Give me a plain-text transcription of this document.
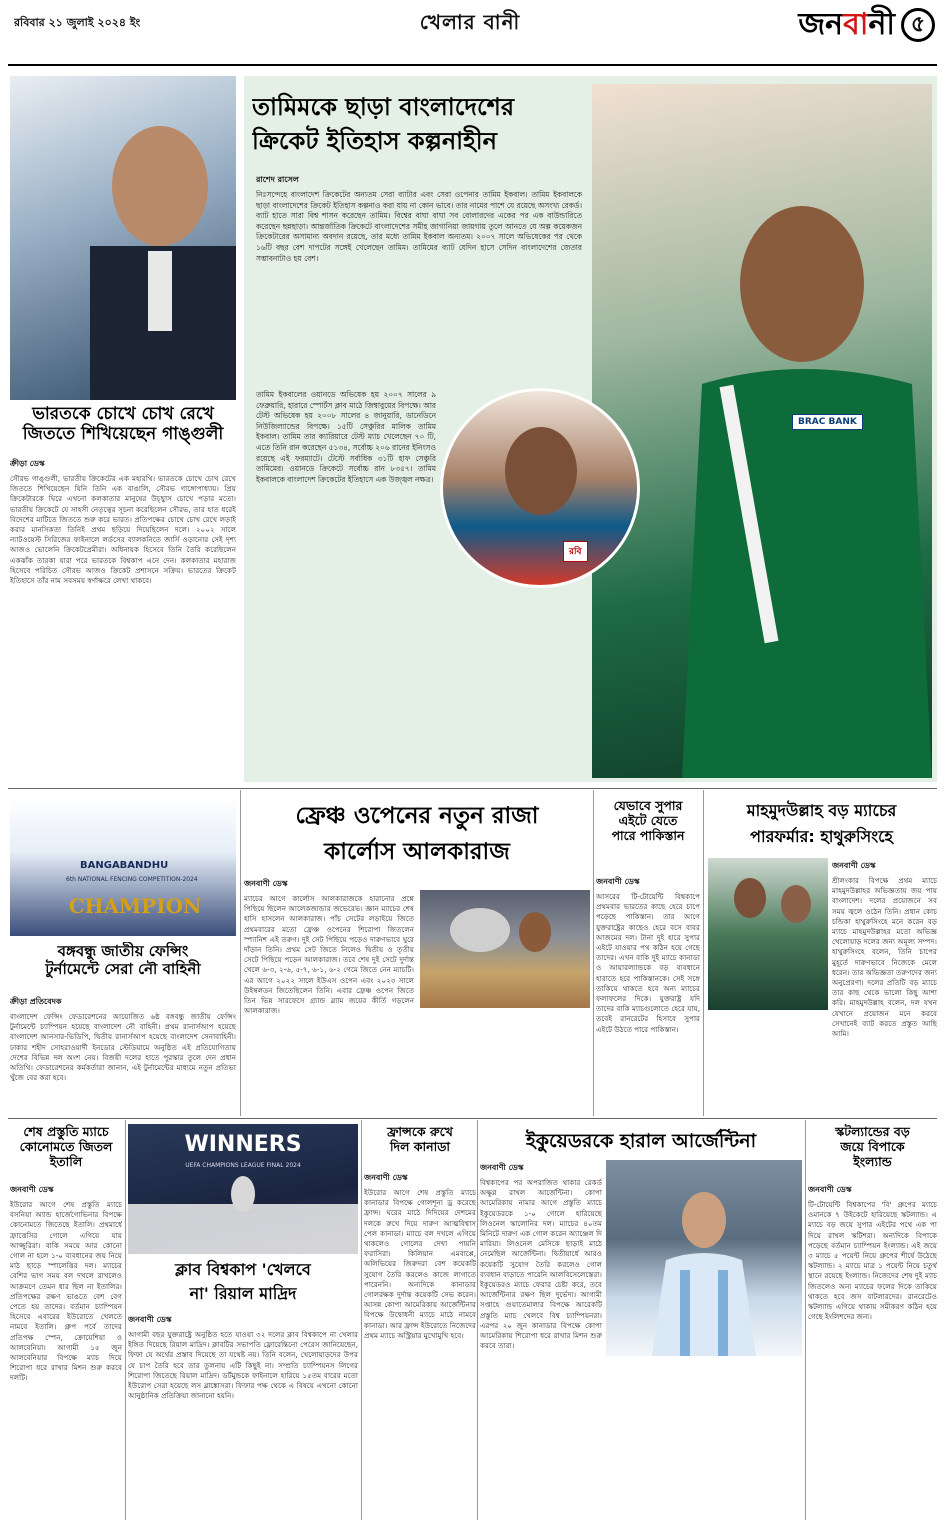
রবিবার ২১ জুলাই ২০২৪ ইং	খেলার বানী	জনবানী ৫
ভারতকে চোখে চোখ রেখে
জিততে শিখিয়েছেন গাঙ্গুলী
ক্রীড়া ডেস্ক
সৌরভ গাঙ্গুলী, ভারতীয় ক্রিকেটের এক মহারথি। ভারতকে চোখে চোখ রেখে জিততে শিখিয়েছেন যিনি তিনি এক বাঙালি, সৌরভ গাঙ্গোপাধ্যায়। প্রিয় ক্রিকেটারকে ঘিরে এখনো কলকাতার মানুষের উচ্ছ্বাস চোখে পড়ার মতো। ভারতীয় ক্রিকেটে যে সাহসী নেতৃত্বের সূচনা করেছিলেন সৌরভ, তার হাত ধরেই বিদেশের মাটিতে জিততে শুরু করে ভারত। প্রতিপক্ষের চোখে চোখ রেখে লড়াই করার মানসিকতা তিনিই প্রথম ছড়িয়ে দিয়েছিলেন দলে। ২০০২ সালে ন্যাটওয়েস্ট সিরিজের ফাইনালে লর্ডসের ব্যালকনিতে জার্সি ওড়ানোর সেই দৃশ্য আজও ভোলেনি ক্রিকেটপ্রেমীরা। অধিনায়ক হিসেবে তিনি তৈরি করেছিলেন একঝাঁক তারকা যারা পরে ভারতকে বিশ্বকাপ এনে দেন। কলকাতার মহারাজ হিসেবে পরিচিত সৌরভ আজও ক্রিকেট প্রশাসনে সক্রিয়। ভারতের ক্রিকেট ইতিহাসে তাঁর নাম সবসময় স্বর্ণাক্ষরে লেখা থাকবে।
তামিমকে ছাড়া বাংলাদেশের
ক্রিকেট ইতিহাস কল্পনাহীন
BRAC BANK
রবি
রাশেদ রাসেল
নিঃসন্দেহে বাংলাদেশ ক্রিকেটের অন্যতম সেরা ব্যাটার এবং সেরা ওপেনার তামিম ইকবাল। তামিম ইকবালকে ছাড়া বাংলাদেশের ক্রিকেট ইতিহাস কল্পনাও করা যায় না কোন ভাবে। তার নামের পাশে যে রয়েছে অসংখ্য রেকর্ড। ব্যাট হাতে সারা বিশ্ব শাসন করেছেন তামিম। বিশ্বের বাঘা বাঘা সব বোলারদের একের পর এক বাউন্ডারিতে করেছেন ছন্নছাড়া। আন্তর্জাতিক ক্রিকেটে বাংলাদেশের সমীহ জাগানিয়া জায়গায় তুলে আনতে যে অল্প কয়েকজন ক্রিকেটারের অসামান্য অবদান রয়েছে, তার মধ্যে তামিম ইকবাল অন্যতম। ২০০৭ সালে অভিষেকের পর থেকে ১৬টি বছর বেশ দাপটের সঙ্গেই খেলেছেন তামিম। তামিমের ব্যাট যেদিন হাসে সেদিন বাংলাদেশের জেতার সম্ভাবনাটাও হয় বেশ।
তামিম ইকবালের ওয়ানডে অভিষেক হয় ২০০৭ সালের ৯ ফেব্রুয়ারি, হারারে স্পোর্টস ক্লাব মাঠে জিম্বাবুয়ের বিপক্ষে। আর টেস্ট অভিষেক হয় ২০০৮ সালের ৪ জানুয়ারি, ডানেডিনে নিউজিল্যান্ডের বিপক্ষে। ১৫টি সেঞ্চুরির মালিক তামিম ইকবাল। তামিম তার ক্যারিয়ারে টেস্ট ম্যাচ খেলেছেন ৭০ টি, এতে তিনি রান করেছেন ৫১৩৪, সর্বোচ্চ ২০৬ রানের ইনিংসও রয়েছে এই ফরম্যাটে। টেস্টে সর্বাধিক ৩১টি হাফ সেঞ্চুরি তামিমের। ওয়ানডে ক্রিকেটে সর্বোচ্চ রান ৮৩৫৭। তামিম ইকবালকে বাংলাদেশ ক্রিকেটের ইতিহাসে এক উজ্জ্বল নক্ষত্র।
BANGABANDHU
6th NATIONAL FENCING COMPETITION-2024
CHAMPION
বঙ্গবন্ধু জাতীয় ফেন্সিং
টুর্নামেন্টে সেরা নৌ বাহিনী
ক্রীড়া প্রতিবেদক
বাংলাদেশ ফেন্সিং ফেডারেশনের আয়োজিত ৬ষ্ঠ বঙ্গবন্ধু জাতীয় ফেন্সিং টুর্নামেন্টে চ্যাম্পিয়ন হয়েছে বাংলাদেশ নৌ বাহিনী। প্রথম রানার্সআপ হয়েছে বাংলাদেশ আনসার-ভিডিপি, দ্বিতীয় রানার্সআপ হয়েছে বাংলাদেশ সেনাবাহিনী। ঢাকার শহীদ সোহরাওয়ার্দী ইনডোর স্টেডিয়ামে অনুষ্ঠিত এই প্রতিযোগিতায় দেশের বিভিন্ন দল অংশ নেয়। বিজয়ী দলের হাতে পুরস্কার তুলে দেন প্রধান অতিথি। ফেডারেশনের কর্মকর্তারা জানান, এই টুর্নামেন্টের মাধ্যমে নতুন প্রতিভা খুঁজে বের করা হবে।
ফ্রেঞ্চ ওপেনের নতুন রাজা
কার্লোস আলকারাজ
জনবাণী ডেস্ক
ম্যাচের আগে কার্লোস আলকারাজকে হারানোর প্রশ্নে পিছিয়ে ছিলেন আলেকজান্ডার জভেরেভ। জ্ঞান ম্যাচের শেষ হাসি হাসলেন আলকারাজ। পাঁচ সেটের লড়াইয়ে জিতে প্রথমবারের মতো ফ্রেঞ্চ ওপেনের শিরোপা জিতলেন স্প্যানিশ এই তরুণ। দুই সেট পিছিয়ে পড়েও দারুণভাবে ঘুরে দাঁড়ান তিনি। প্রথম সেট জিতে নিলেও দ্বিতীয় ও তৃতীয় সেটে পিছিয়ে পড়েন আলকারাজ। তবে শেষ দুই সেটে দুর্দান্ত খেলে ৬-৩, ২-৬, ৫-৭, ৬-১, ৬-২ গেমে জিতে নেন ম্যাচটি। এর আগে ২০২২ সালে ইউএস ওপেন এবং ২০২৩ সালে উইম্বলডন জিতেছিলেন তিনি। এবার ফ্রেঞ্চ ওপেন জিতে তিন ভিন্ন সারফেসে গ্র্যান্ড স্ল্যাম জয়ের কীর্তি গড়লেন আলকারাজ।
যেভাবে সুপার
এইটে যেতে
পারে পাকিস্তান
জনবাণী ডেস্ক
আসরের টি-টোয়েন্টি বিশ্বকাপে প্রথমবার ভারতের কাছে হেরে চাপে পড়েছে পাকিস্তান। তার আগে যুক্তরাষ্ট্রের কাছেও হেরে বসে বাবর আজমের দল। টানা দুই হারে সুপার এইটে যাওয়ার পথ কঠিন হয়ে গেছে তাদের। এখন বাকি দুই ম্যাচে কানাডা ও আয়ারল্যান্ডকে বড় ব্যবধানে হারাতে হবে পাকিস্তানকে। সেই সঙ্গে তাকিয়ে থাকতে হবে অন্য ম্যাচের ফলাফলের দিকে। যুক্তরাষ্ট্র যদি তাদের বাকি ম্যাচগুলোতে হেরে যায়, তবেই রানরেটের হিসাবে সুপার এইটে উঠতে পারে পাকিস্তান।
মাহমুদউল্লাহ বড় ম্যাচের
পারফর্মার: হাথুরুসিংহে
জনবাণী ডেস্ক
শ্রীলংকার বিপক্ষে প্রথম ম্যাচে মাহমুদউল্লাহর অভিজ্ঞতায় জয় পায় বাংলাদেশ। দলের প্রয়োজনে সব সময় জ্বলে ওঠেন তিনি। প্রধান কোচ চন্ডিকা হাথুরুসিংহে মনে করেন বড় ম্যাচে মাহমুদউল্লাহর মতো অভিজ্ঞ খেলোয়াড় দলের জন্য অমূল্য সম্পদ। হাথুরুসিংহে বলেন, তিনি চাপের মুহূর্তে দারুণভাবে নিজেকে মেলে ধরেন। তার অভিজ্ঞতা তরুণদের জন্য অনুপ্রেরণা। দলের প্রতিটি বড় ম্যাচে তার কাছ থেকে ভালো কিছু আশা করি। মাহমুদউল্লাহ বলেন, দল যখন যেখানে প্রয়োজন মনে করবে সেখানেই ব্যাট করতে প্রস্তুত আছি আমি।
শেষ প্রস্তুতি ম্যাচে
কোনোমতে জিতল
ইতালি
জনবাণী ডেস্ক
ইউরোর আগে শেষ প্রস্তুতি ম্যাচে বসনিয়া অ্যান্ড হার্জেগোভিনার বিপক্ষে কোনোমতে জিতেছে ইতালি। প্রথমার্ধে ফ্রাত্তেসির গোলে এগিয়ে যায় আজ্জুরিরা। বাকি সময়ে আর কোনো গোল না হলে ১-০ ব্যবধানের জয় নিয়ে মাঠ ছাড়ে স্পালেত্তির দল। ম্যাচের বেশির ভাগ সময় বল দখলে রাখলেও আক্রমণে তেমন ধার ছিল না ইতালির। প্রতিপক্ষের রক্ষণ ভাঙতে বেশ বেগ পেতে হয় তাদের। বর্তমান চ্যাম্পিয়ন হিসেবে এবারের ইউরোতে খেলতে নামবে ইতালি। গ্রুপ পর্বে তাদের প্রতিপক্ষ স্পেন, ক্রোয়েশিয়া ও আলবেনিয়া। আগামী ১৫ জুন আলবেনিয়ার বিপক্ষে ম্যাচ দিয়ে শিরোপা ধরে রাখার মিশন শুরু করবে দলটি।
WINNERS
UEFA CHAMPIONS LEAGUE FINAL 2024
ক্লাব বিশ্বকাপ 'খেলবে
না' রিয়াল মাদ্রিদ
জনবাণী ডেস্ক
আগামী বছর যুক্তরাষ্ট্রে অনুষ্ঠিত হতে যাওয়া ৩২ দলের ক্লাব বিশ্বকাপে না খেলার ইঙ্গিত দিয়েছে রিয়াল মাদ্রিদ। ক্লাবটির সভাপতি ফ্লোরেন্তিনো পেরেস জানিয়েছেন, ফিফা যে অর্থের প্রস্তাব দিয়েছে তা যথেষ্ট নয়। তিনি বলেন, খেলোয়াড়দের উপর যে চাপ তৈরি হবে তার তুলনায় এটি কিছুই না। সম্প্রতি চ্যাম্পিয়নস লিগের শিরোপা জিতেছে রিয়াল মাদ্রিদ। ডর্টমুন্ডকে ফাইনালে হারিয়ে ১৫তম বারের মতো ইউরোপ সেরা হয়েছে লস ব্লাঙ্কোসরা। ফিফার পক্ষ থেকে এ বিষয়ে এখনো কোনো আনুষ্ঠানিক প্রতিক্রিয়া জানানো হয়নি।
ফ্রান্সকে রুখে
দিল কানাডা
জনবাণী ডেস্ক
ইউরোর আগে শেষ প্রস্তুতি ম্যাচে কানাডার বিপক্ষে গোলশূন্য ড্র করেছে ফ্রান্স। ঘরের মাঠে দিদিয়ের দেশমের দলকে রুখে দিয়ে দারুণ আত্মবিশ্বাস পেল কানাডা। ম্যাচে বল দখলে এগিয়ে থাকলেও গোলের দেখা পায়নি ফরাসিরা। কিলিয়ান এমবাপ্পে, অলিভিয়ের জিরুদরা বেশ কয়েকটি সুযোগ তৈরি করলেও কাজে লাগাতে পারেননি। অন্যদিকে কানাডার গোলরক্ষক দুর্দান্ত কয়েকটি সেভ করেন। আসন্ন কোপা আমেরিকায় আর্জেন্টিনার বিপক্ষে উদ্বোধনী ম্যাচে মাঠে নামবে কানাডা। আর ফ্রান্স ইউরোতে নিজেদের প্রথম ম্যাচে অস্ট্রিয়ার মুখোমুখি হবে।
ইকুয়েডরকে হারাল আর্জেন্টিনা
জনবাণী ডেস্ক
বিশ্বকাপের পর অপরাজিত থাকার রেকর্ড অক্ষুণ্ণ রাখল আর্জেন্টিনা। কোপা আমেরিকায় নামার আগে প্রস্তুতি ম্যাচে ইকুয়েডরকে ১-০ গোলে হারিয়েছে লিওনেল স্কালোনির দল। ম্যাচের ৪০তম মিনিটে দারুণ এক গোল করেন অ্যাঞ্জেল দি মারিয়া। লিওনেল মেসিকে ছাড়াই মাঠে নেমেছিল আর্জেন্টিনা। দ্বিতীয়ার্ধে আরও কয়েকটি সুযোগ তৈরি করলেও গোল ব্যবধান বাড়াতে পারেনি আলবিসেলেস্তেরা। ইকুয়েডরও ম্যাচে ফেরার চেষ্টা করে, তবে আর্জেন্টিনার রক্ষণ ছিল দুর্ভেদ্য। আগামী সপ্তাহে গুয়াতেমালার বিপক্ষে আরেকটি প্রস্তুতি ম্যাচ খেলবে বিশ্ব চ্যাম্পিয়নরা। এরপর ২০ জুন কানাডার বিপক্ষে কোপা আমেরিকায় শিরোপা ধরে রাখার মিশন শুরু করবে তারা।
স্কটল্যান্ডের বড়
জয়ে বিপাকে
ইংল্যান্ড
জনবাণী ডেস্ক
টি-টোয়েন্টি বিশ্বকাপের 'বি' গ্রুপের ম্যাচে ওমানকে ৭ উইকেটে হারিয়েছে স্কটল্যান্ড। এ ম্যাচে বড় জয়ে সুপার এইটের পথে এক পা দিয়ে রাখল স্কটিশরা। অন্যদিকে বিপাকে পড়েছে বর্তমান চ্যাম্পিয়ন ইংল্যান্ড। এই জয়ে ৩ ম্যাচে ৫ পয়েন্ট নিয়ে গ্রুপের শীর্ষে উঠেছে স্কটল্যান্ড। ২ ম্যাচে মাত্র ১ পয়েন্ট নিয়ে চতুর্থ স্থানে রয়েছে ইংল্যান্ড। নিজেদের শেষ দুই ম্যাচ জিতলেও অন্য ম্যাচের ফলের দিকে তাকিয়ে থাকতে হবে জস বাটলারদের। রানরেটেও স্কটল্যান্ড এগিয়ে থাকায় সমীকরণ কঠিন হয়ে গেছে ইংলিশদের জন্য।
